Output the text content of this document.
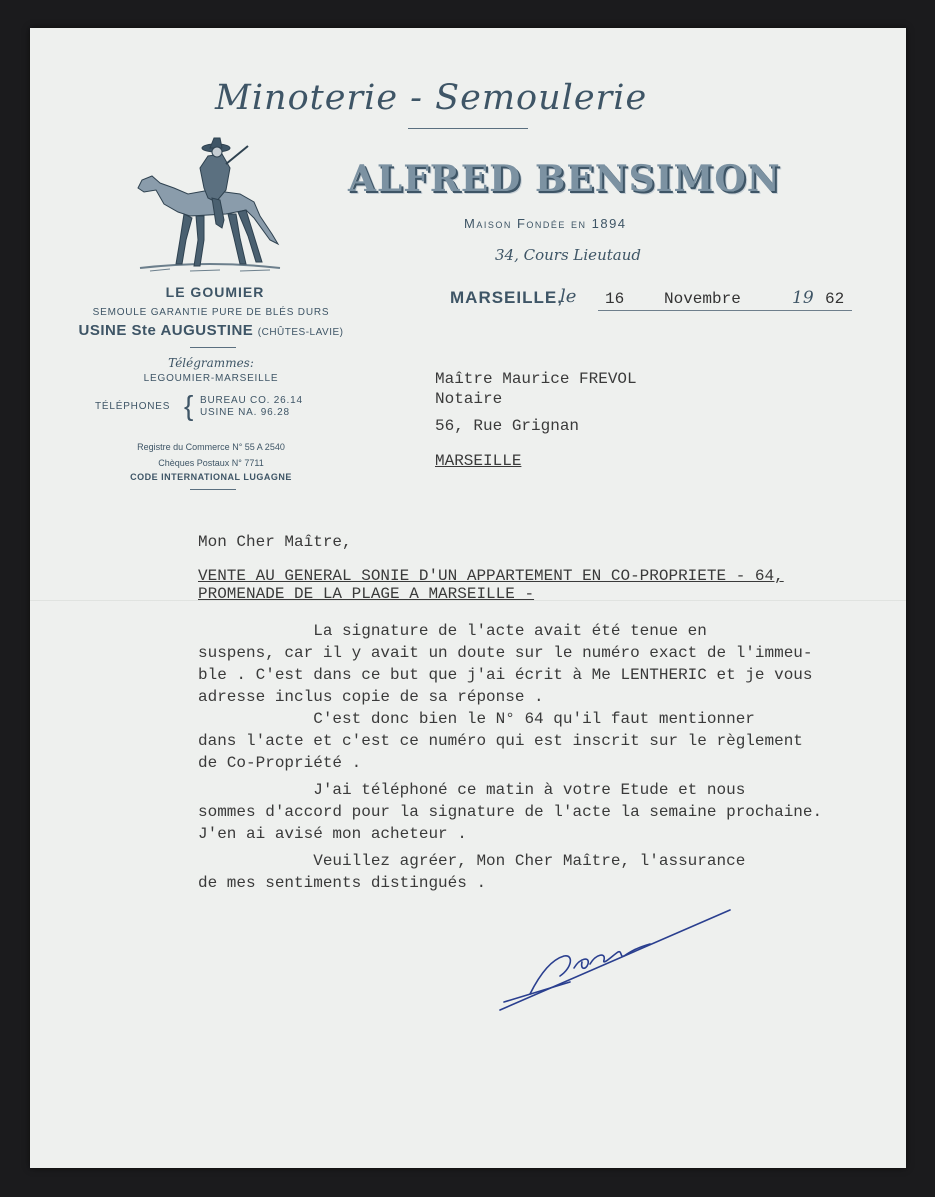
Minoterie - Semoulerie
ALFRED BENSIMON
Maison Fondée en 1894
34, Cours Lieutaud
MARSEILLE,
le 16 Novembre	19 62
LE GOUMIER
SEMOULE GARANTIE PURE DE BLÉS DURS
USINE Ste AUGUSTINE (CHÛTES-LAVIE)
Télégrammes:
LEGOUMIER-MARSEILLE
TÉLÉPHONES { BUREAU CO. 26.14
USINE NA. 96.28
Registre du Commerce N° 55 A 2540
Chèques Postaux N° 7711
CODE INTERNATIONAL LUGAGNE
Maître Maurice FREVOL
Notaire
56, Rue Grignan
MARSEILLE
Mon Cher Maître,
VENTE AU GENERAL SONIE D'UN APPARTEMENT EN CO-PROPRIETE - 64,
PROMENADE DE LA PLAGE A MARSEILLE -
La signature de l'acte avait été tenue en
suspens, car il y avait un doute sur le numéro exact de l'immeu-
ble . C'est dans ce but que j'ai écrit à Me LENTHERIC et je vous
adresse inclus copie de sa réponse .
C'est donc bien le N° 64 qu'il faut mentionner
dans l'acte et c'est ce numéro qui est inscrit sur le règlement
de Co-Propriété .
J'ai téléphoné ce matin à votre Etude et nous
sommes d'accord pour la signature de l'acte la semaine prochaine.
J'en ai avisé mon acheteur .
Veuillez agréer, Mon Cher Maître, l'assurance
de mes sentiments distingués .
